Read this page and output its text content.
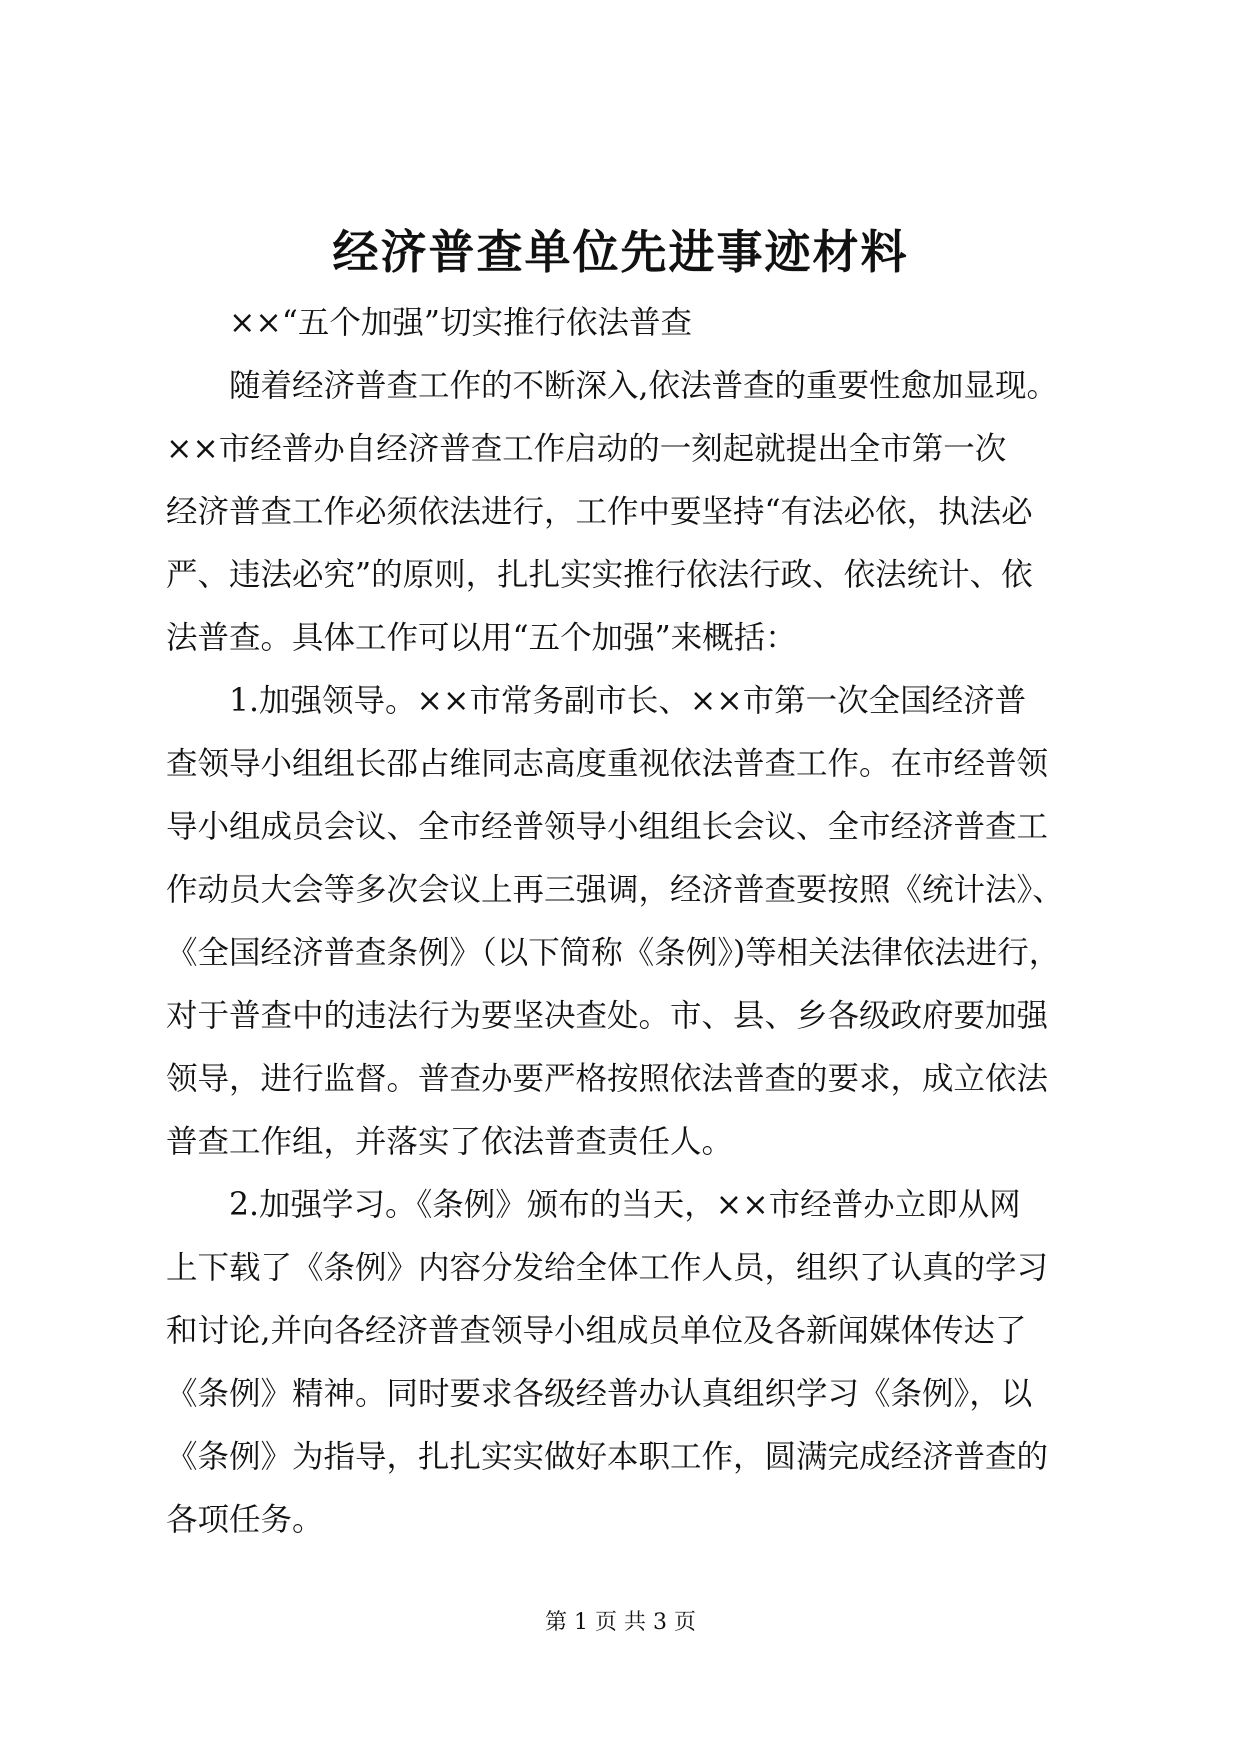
经济普查单位先进事迹材料
　　××“五个加强”切实推行依法普查
　　随着经济普查工作的不断深入,依法普查的重要性愈加显现。
××市经普办自经济普查工作启动的一刻起就提出全市第一次
经济普查工作必须依法进行，工作中要坚持“有法必依，执法必
严、违法必究”的原则，扎扎实实推行依法行政、依法统计、依
法普查。具体工作可以用“五个加强”来概括：
　　1.加强领导。××市常务副市长、××市第一次全国经济普
查领导小组组长邵占维同志高度重视依法普查工作。在市经普领
导小组成员会议、全市经普领导小组组长会议、全市经济普查工
作动员大会等多次会议上再三强调，经济普查要按照《统计法》、
《全国经济普查条例》（以下简称《条例》)等相关法律依法进行，
对于普查中的违法行为要坚决查处。市、县、乡各级政府要加强
领导，进行监督。普查办要严格按照依法普查的要求，成立依法
普查工作组，并落实了依法普查责任人。
　　2.加强学习。《条例》颁布的当天，××市经普办立即从网
上下载了《条例》内容分发给全体工作人员，组织了认真的学习
和讨论,并向各经济普查领导小组成员单位及各新闻媒体传达了
《条例》精神。同时要求各级经普办认真组织学习《条例》，以
《条例》为指导，扎扎实实做好本职工作，圆满完成经济普查的
各项任务。
第 1 页 共 3 页
